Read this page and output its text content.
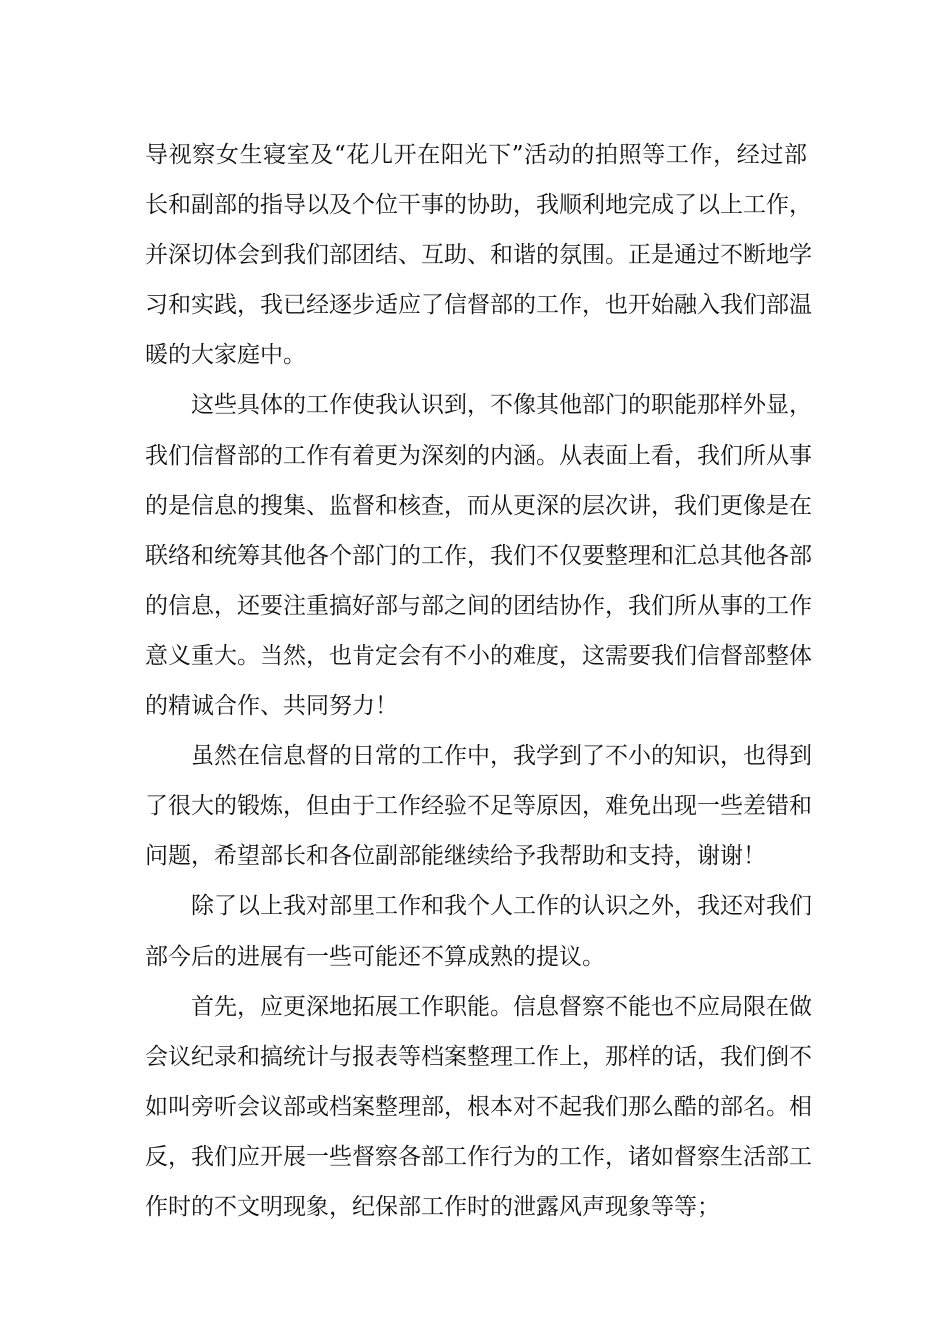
导视察女生寝室及“花儿开在阳光下”活动的拍照等工作，经过部
长和副部的指导以及个位干事的协助，我顺利地完成了以上工作，
并深切体会到我们部团结、互助、和谐的氛围。正是通过不断地学
习和实践，我已经逐步适应了信督部的工作，也开始融入我们部温
暖的大家庭中。
这些具体的工作使我认识到，不像其他部门的职能那样外显，
我们信督部的工作有着更为深刻的内涵。从表面上看，我们所从事
的是信息的搜集、监督和核查，而从更深的层次讲，我们更像是在
联络和统筹其他各个部门的工作，我们不仅要整理和汇总其他各部
的信息，还要注重搞好部与部之间的团结协作，我们所从事的工作
意义重大。当然，也肯定会有不小的难度，这需要我们信督部整体
的精诚合作、共同努力！
虽然在信息督的日常的工作中，我学到了不小的知识，也得到
了很大的锻炼，但由于工作经验不足等原因，难免出现一些差错和
问题，希望部长和各位副部能继续给予我帮助和支持，谢谢！
除了以上我对部里工作和我个人工作的认识之外，我还对我们
部今后的进展有一些可能还不算成熟的提议。
首先，应更深地拓展工作职能。信息督察不能也不应局限在做
会议纪录和搞统计与报表等档案整理工作上，那样的话，我们倒不
如叫旁听会议部或档案整理部，根本对不起我们那么酷的部名。相
反，我们应开展一些督察各部工作行为的工作，诸如督察生活部工
作时的不文明现象，纪保部工作时的泄露风声现象等等；
